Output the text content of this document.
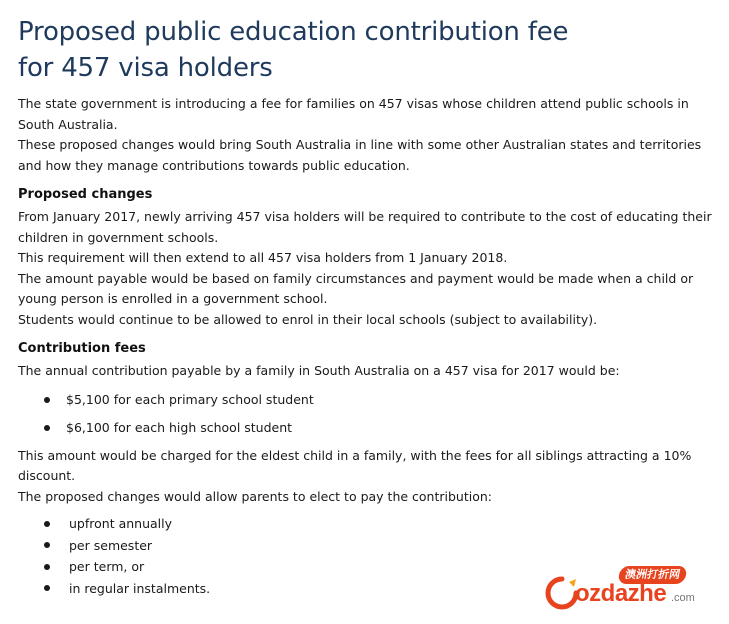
Proposed public education contribution fee
for 457 visa holders

The state government is introducing a fee for families on 457 visas whose children attend public schools in South Australia.

These proposed changes would bring South Australia in line with some other Australian states and territories and how they manage contributions towards public education.

Proposed changes

From January 2017, newly arriving 457 visa holders will be required to contribute to the cost of educating their children in government schools.

This requirement will then extend to all 457 visa holders from 1 January 2018.

The amount payable would be based on family circumstances and payment would be made when a child or young person is enrolled in a government school.

Students would continue to be allowed to enrol in their local schools (subject to availability).

Contribution fees

The annual contribution payable by a family in South Australia on a 457 visa for 2017 would be:

$5,100 for each primary school student
$6,100 for each high school student

This amount would be charged for the eldest child in a family, with the fees for all siblings attracting a 10% discount.

The proposed changes would allow parents to elect to pay the contribution:

upfront annually
per semester
per term, or
in regular instalments.
澳洲打折网
ozdazhe .com
